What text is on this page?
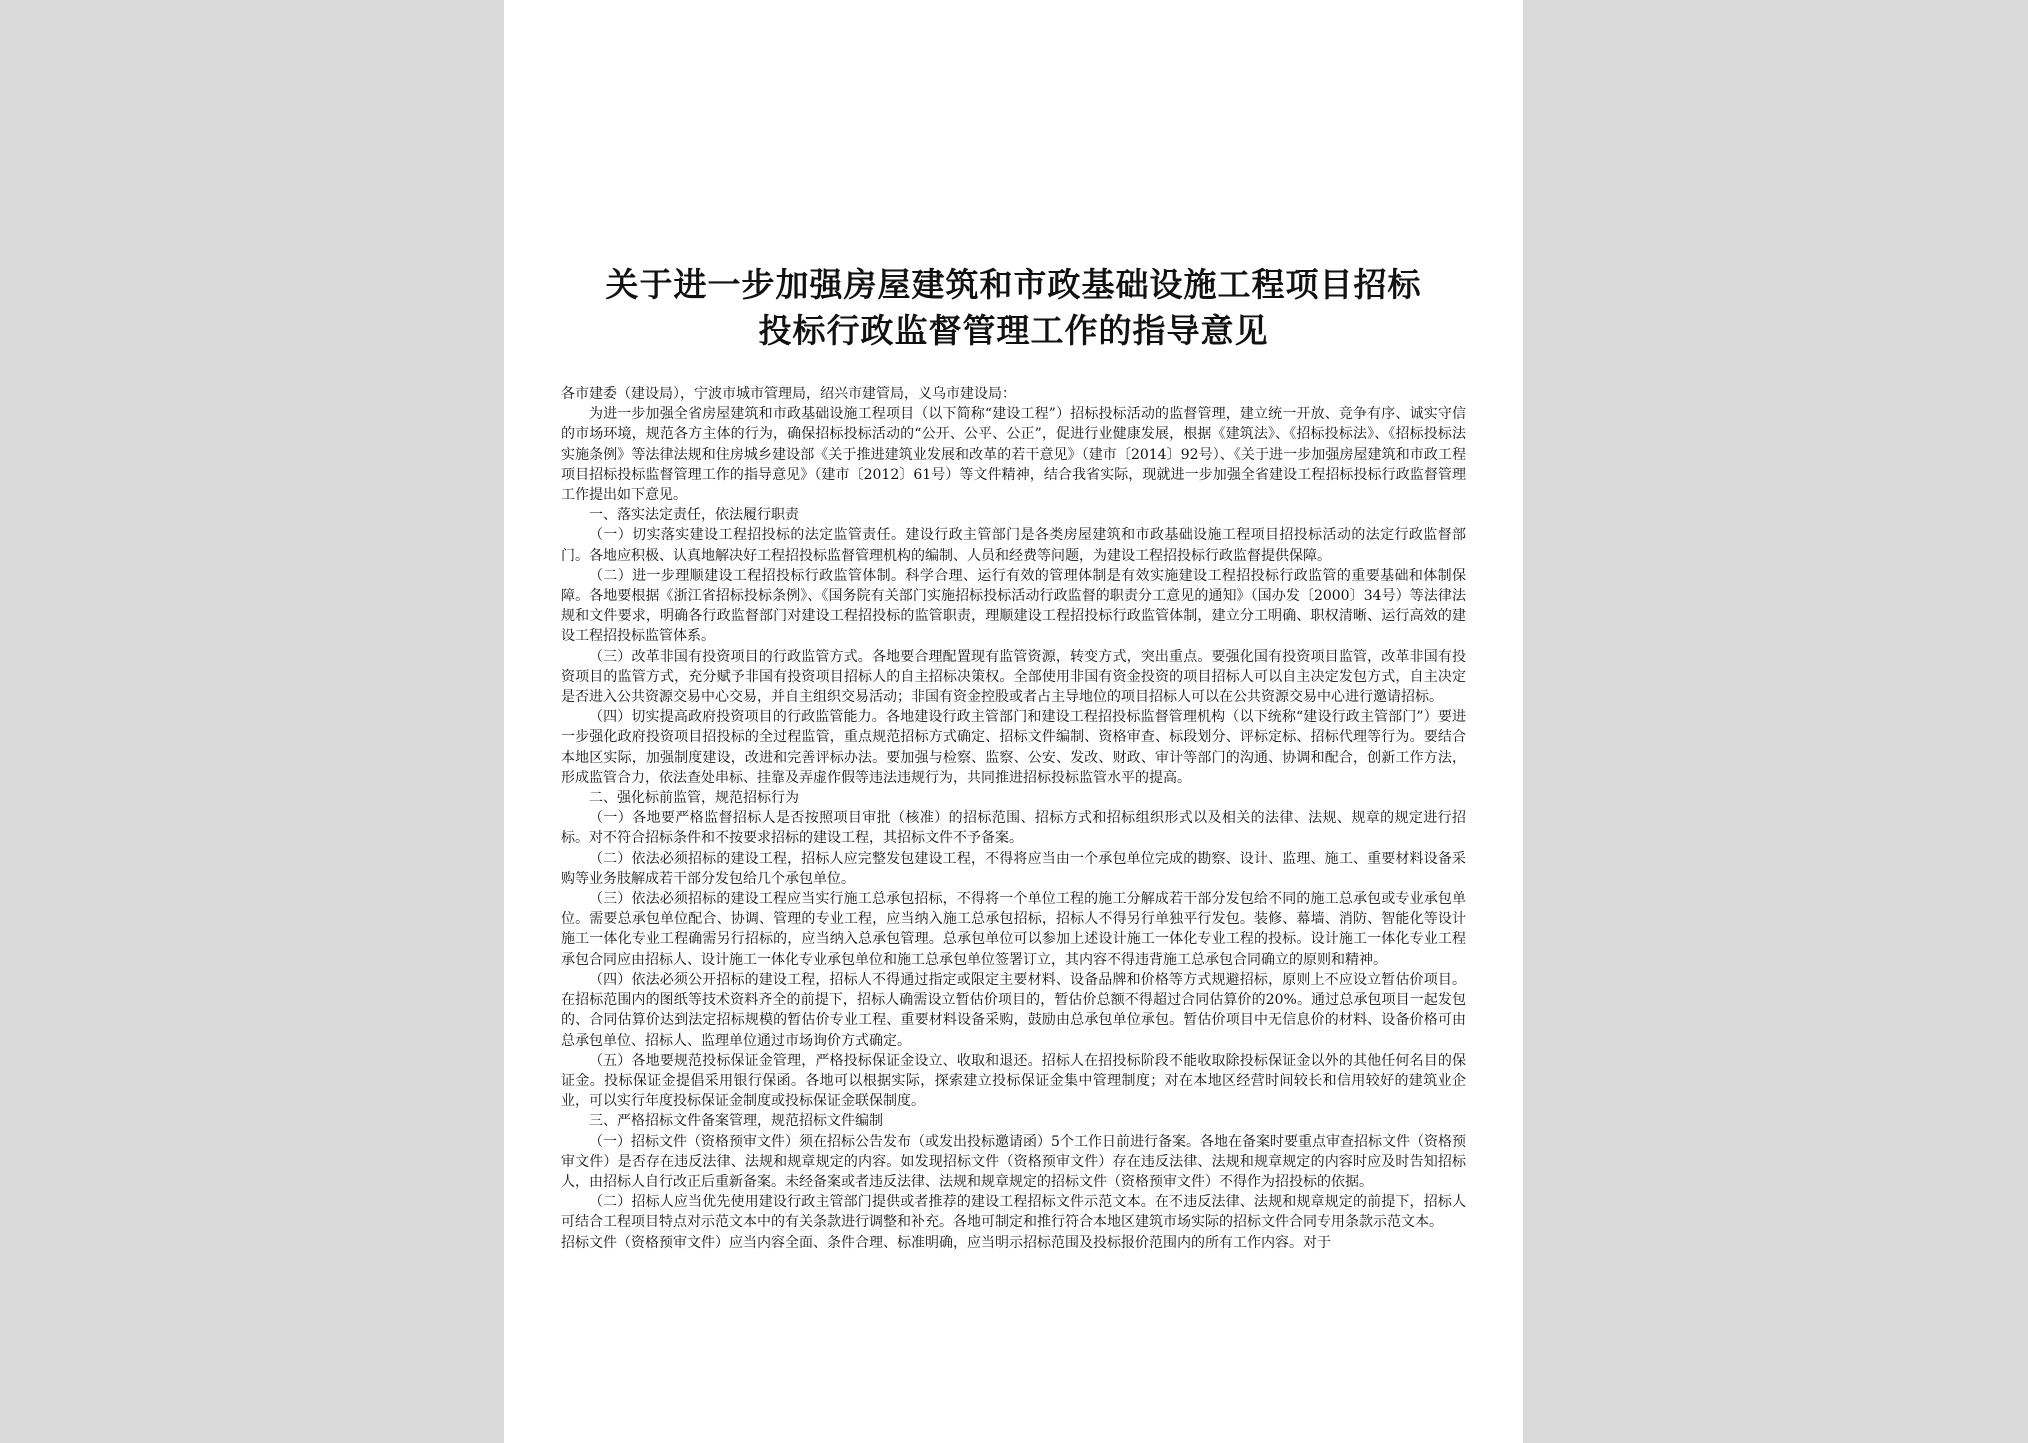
关于进一步加强房屋建筑和市政基础设施工程项目招标
投标行政监督管理工作的指导意见

各市建委（建设局），宁波市城市管理局，绍兴市建管局，义乌市建设局：

为进一步加强全省房屋建筑和市政基础设施工程项目（以下简称“建设工程”）招标投标活动的监督管理，建立统一开放、竞争有序、诚实守信的市场环境，规范各方主体的行为，确保招标投标活动的“公开、公平、公正”，促进行业健康发展，根据《建筑法》、《招标投标法》、《招标投标法实施条例》等法律法规和住房城乡建设部《关于推进建筑业发展和改革的若干意见》（建市〔2014〕92号）、《关于进一步加强房屋建筑和市政工程项目招标投标监督管理工作的指导意见》（建市〔2012〕61号）等文件精神，结合我省实际，现就进一步加强全省建设工程招标投标行政监督管理工作提出如下意见。

一、落实法定责任，依法履行职责

（一）切实落实建设工程招投标的法定监管责任。建设行政主管部门是各类房屋建筑和市政基础设施工程项目招投标活动的法定行政监督部门。各地应积极、认真地解决好工程招投标监督管理机构的编制、人员和经费等问题，为建设工程招投标行政监督提供保障。

（二）进一步理顺建设工程招投标行政监管体制。科学合理、运行有效的管理体制是有效实施建设工程招投标行政监管的重要基础和体制保障。各地要根据《浙江省招标投标条例》、《国务院有关部门实施招标投标活动行政监督的职责分工意见的通知》（国办发〔2000〕34号）等法律法规和文件要求，明确各行政监督部门对建设工程招投标的监管职责，理顺建设工程招投标行政监管体制，建立分工明确、职权清晰、运行高效的建设工程招投标监管体系。

（三）改革非国有投资项目的行政监管方式。各地要合理配置现有监管资源，转变方式，突出重点。要强化国有投资项目监管，改革非国有投资项目的监管方式，充分赋予非国有投资项目招标人的自主招标决策权。全部使用非国有资金投资的项目招标人可以自主决定发包方式，自主决定是否进入公共资源交易中心交易，并自主组织交易活动；非国有资金控股或者占主导地位的项目招标人可以在公共资源交易中心进行邀请招标。

（四）切实提高政府投资项目的行政监管能力。各地建设行政主管部门和建设工程招投标监督管理机构（以下统称“建设行政主管部门”）要进一步强化政府投资项目招投标的全过程监管，重点规范招标方式确定、招标文件编制、资格审查、标段划分、评标定标、招标代理等行为。要结合本地区实际，加强制度建设，改进和完善评标办法。要加强与检察、监察、公安、发改、财政、审计等部门的沟通、协调和配合，创新工作方法，形成监管合力，依法查处串标、挂靠及弄虚作假等违法违规行为，共同推进招标投标监管水平的提高。

二、强化标前监管，规范招标行为

（一）各地要严格监督招标人是否按照项目审批（核准）的招标范围、招标方式和招标组织形式以及相关的法律、法规、规章的规定进行招标。对不符合招标条件和不按要求招标的建设工程，其招标文件不予备案。

（二）依法必须招标的建设工程，招标人应完整发包建设工程，不得将应当由一个承包单位完成的勘察、设计、监理、施工、重要材料设备采购等业务肢解成若干部分发包给几个承包单位。

（三）依法必须招标的建设工程应当实行施工总承包招标，不得将一个单位工程的施工分解成若干部分发包给不同的施工总承包或专业承包单位。需要总承包单位配合、协调、管理的专业工程，应当纳入施工总承包招标，招标人不得另行单独平行发包。装修、幕墙、消防、智能化等设计施工一体化专业工程确需另行招标的，应当纳入总承包管理。总承包单位可以参加上述设计施工一体化专业工程的投标。设计施工一体化专业工程承包合同应由招标人、设计施工一体化专业承包单位和施工总承包单位签署订立，其内容不得违背施工总承包合同确立的原则和精神。

（四）依法必须公开招标的建设工程，招标人不得通过指定或限定主要材料、设备品牌和价格等方式规避招标，原则上不应设立暂估价项目。在招标范围内的图纸等技术资料齐全的前提下，招标人确需设立暂估价项目的，暂估价总额不得超过合同估算价的20%。通过总承包项目一起发包的、合同估算价达到法定招标规模的暂估价专业工程、重要材料设备采购，鼓励由总承包单位承包。暂估价项目中无信息价的材料、设备价格可由总承包单位、招标人、监理单位通过市场询价方式确定。

（五）各地要规范投标保证金管理，严格投标保证金设立、收取和退还。招标人在招投标阶段不能收取除投标保证金以外的其他任何名目的保证金。投标保证金提倡采用银行保函。各地可以根据实际，探索建立投标保证金集中管理制度；对在本地区经营时间较长和信用较好的建筑业企业，可以实行年度投标保证金制度或投标保证金联保制度。

三、严格招标文件备案管理，规范招标文件编制

（一）招标文件（资格预审文件）须在招标公告发布（或发出投标邀请函）5个工作日前进行备案。各地在备案时要重点审查招标文件（资格预审文件）是否存在违反法律、法规和规章规定的内容。如发现招标文件（资格预审文件）存在违反法律、法规和规章规定的内容时应及时告知招标人，由招标人自行改正后重新备案。未经备案或者违反法律、法规和规章规定的招标文件（资格预审文件）不得作为招投标的依据。

（二）招标人应当优先使用建设行政主管部门提供或者推荐的建设工程招标文件示范文本。在不违反法律、法规和规章规定的前提下，招标人可结合工程项目特点对示范文本中的有关条款进行调整和补充。各地可制定和推行符合本地区建筑市场实际的招标文件合同专用条款示范文本。

招标文件（资格预审文件）应当内容全面、条件合理、标准明确，应当明示招标范围及投标报价范围内的所有工作内容。对于
